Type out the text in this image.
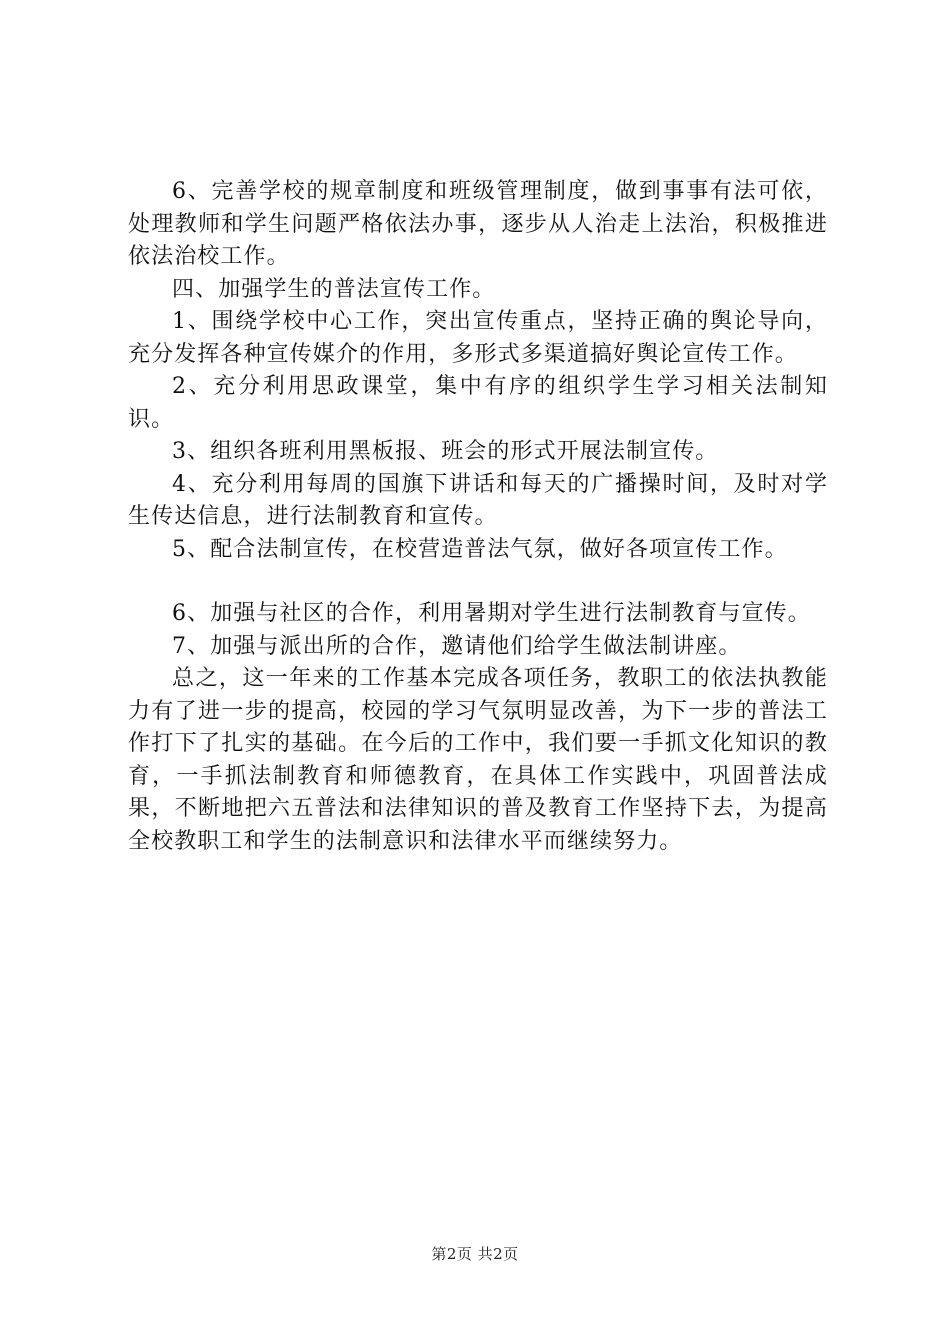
6、完善学校的规章制度和班级管理制度，做到事事有法可依，处理教师和学生问题严格依法办事，逐步从人治走上法治，积极推进依法治校工作。

四、加强学生的普法宣传工作。

1、围绕学校中心工作，突出宣传重点，坚持正确的舆论导向，充分发挥各种宣传媒介的作用，多形式多渠道搞好舆论宣传工作。

2、充分利用思政课堂，集中有序的组织学生学习相关法制知识。

3、组织各班利用黑板报、班会的形式开展法制宣传。

4、充分利用每周的国旗下讲话和每天的广播操时间，及时对学生传达信息，进行法制教育和宣传。

5、配合法制宣传，在校营造普法气氛，做好各项宣传工作。

6、加强与社区的合作，利用暑期对学生进行法制教育与宣传。

7、加强与派出所的合作，邀请他们给学生做法制讲座。

总之，这一年来的工作基本完成各项任务，教职工的依法执教能力有了进一步的提高，校园的学习气氛明显改善，为下一步的普法工作打下了扎实的基础。在今后的工作中，我们要一手抓文化知识的教育，一手抓法制教育和师德教育，在具体工作实践中，巩固普法成果，不断地把六五普法和法律知识的普及教育工作坚持下去，为提高全校教职工和学生的法制意识和法律水平而继续努力。

第2页 共2页
